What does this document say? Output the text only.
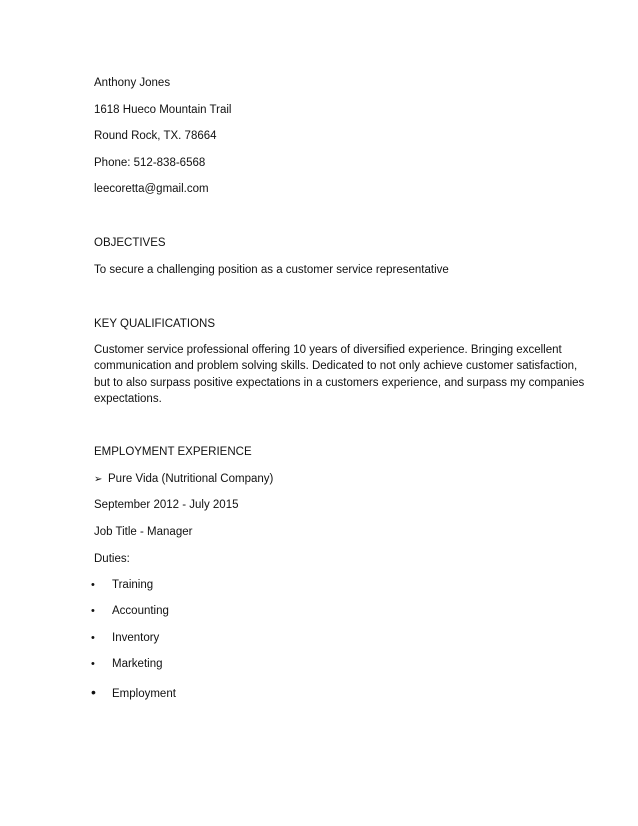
Anthony Jones
1618 Hueco Mountain Trail
Round Rock, TX. 78664
Phone: 512-838-6568
leecoretta@gmail.com
OBJECTIVES
To secure a challenging position as a customer service representative
KEY QUALIFICATIONS
Customer service professional offering 10 years of diversified experience. Bringing excellent
communication and problem solving skills. Dedicated to not only achieve customer satisfaction,
but to also surpass positive expectations in a customers experience, and surpass my companies
expectations.
EMPLOYMENT EXPERIENCE
➢ Pure Vida (Nutritional Company)
September 2012 - July 2015
Job Title - Manager
Duties:
• Training
• Accounting
• Inventory
• Marketing
• Employment
